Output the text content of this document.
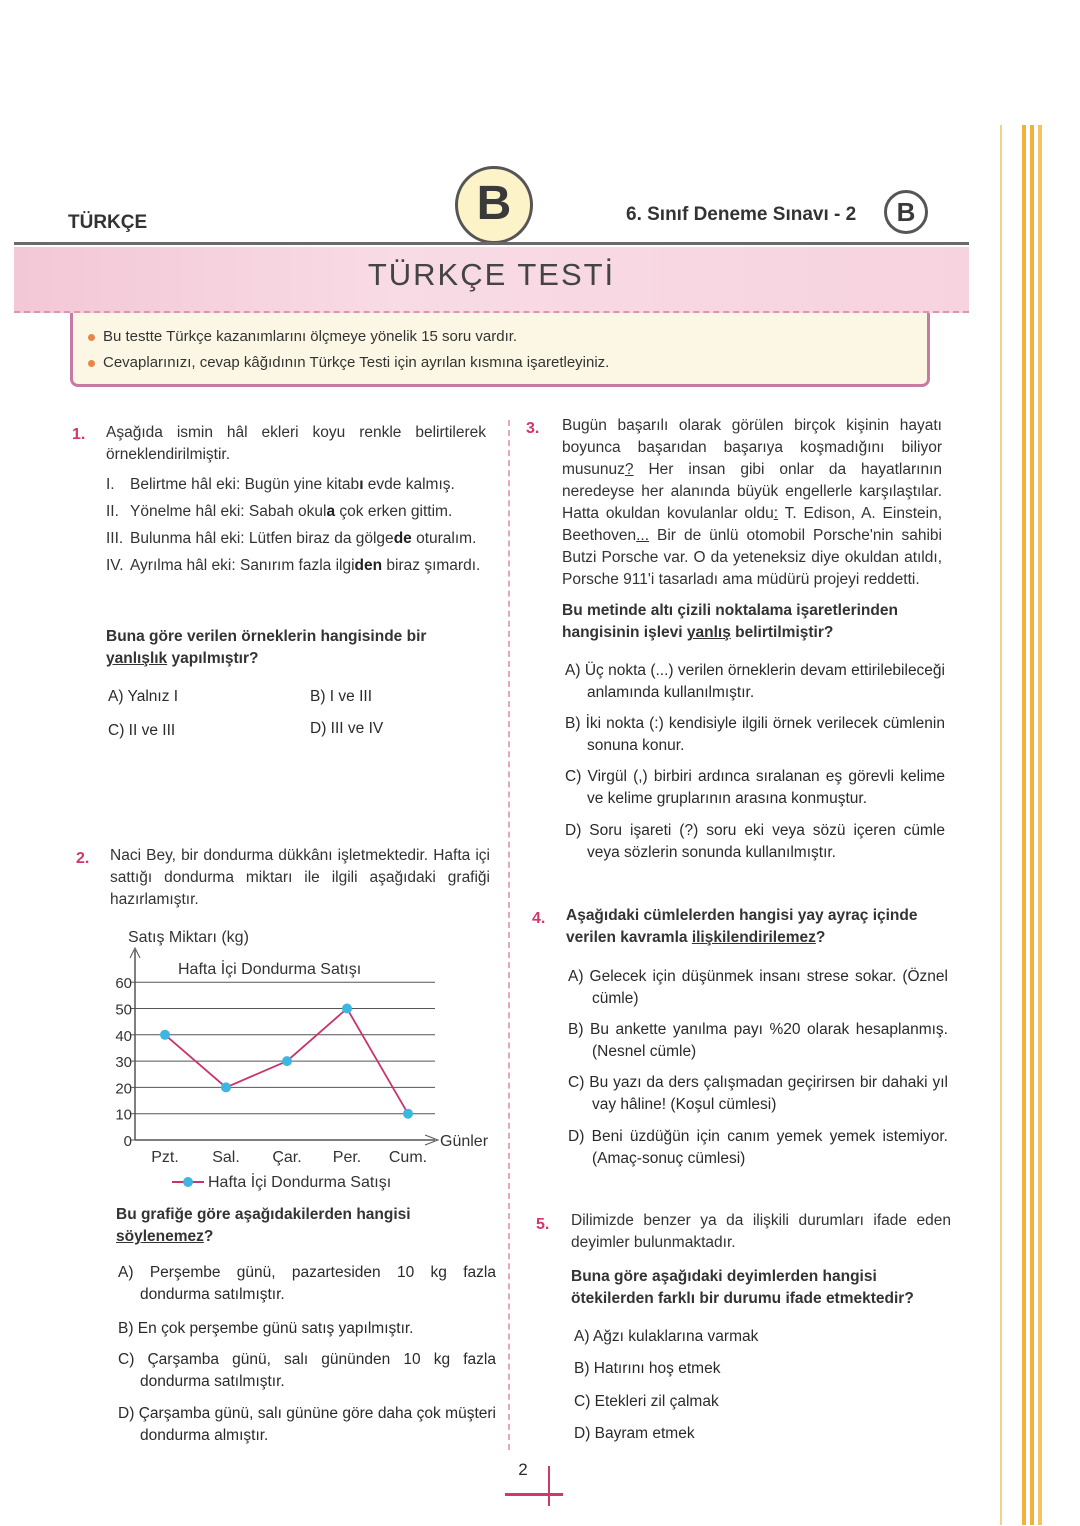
TÜRKÇE	B	6. Sınıf Deneme Sınavı - 2	B
TÜRKÇE TESTİ
Bu testte Türkçe kazanımlarını ölçmeye yönelik 15 soru vardır.
Cevaplarınızı, cevap kâğıdının Türkçe Testi için ayrılan kısmına işaretleyiniz.
1. Aşağıda ismin hâl ekleri koyu renkle belirtilerek örneklendirilmiştir.
I. Belirtme hâl eki: Bugün yine kitabı evde kalmış.
II. Yönelme hâl eki: Sabah okula çok erken gittim.
III. Bulunma hâl eki: Lütfen biraz da gölgede oturalım.
IV. Ayrılma hâl eki: Sanırım fazla ilgiden biraz şımardı.
Buna göre verilen örneklerin hangisinde bir yanlışlık yapılmıştır?
A) Yalnız I	B) I ve III
C) II ve III	D) III ve IV
2. Naci Bey, bir dondurma dükkânı işletmektedir. Hafta içi sattığı dondurma miktarı ile ilgili aşağıdaki grafiği hazırlamıştır.
Satış Miktarı (kg)
Günler
Hafta İçi Dondurma Satışı
0
10
20
30
40
50
60
Pzt. Sal. Çar. Per. Cum.
Hafta İçi Dondurma Satışı
Bu grafiğe göre aşağıdakilerden hangisi söylenemez?
A) Perşembe günü, pazartesiden 10 kg fazla dondurma satılmıştır.
B) En çok perşembe günü satış yapılmıştır.
C) Çarşamba günü, salı gününden 10 kg fazla dondurma satılmıştır.
D) Çarşamba günü, salı gününe göre daha çok müşteri dondurma almıştır.
3. Bugün başarılı olarak görülen birçok kişinin hayatı boyunca başarıdan başarıya koşmadığını biliyor musunuz? Her insan gibi onlar da hayatlarının neredeyse her alanında büyük engellerle karşılaştılar. Hatta okuldan kovulanlar oldu: T. Edison, A. Einstein, Beethoven... Bir de ünlü otomobil Porsche'nin sahibi Butzi Porsche var. O da yeteneksiz diye okuldan atıldı, Porsche 911'i tasarladı ama müdürü projeyi reddetti.
Bu metinde altı çizili noktalama işaretlerinden hangisinin işlevi yanlış belirtilmiştir?
A) Üç nokta (...) verilen örneklerin devam ettirilebileceği anlamında kullanılmıştır.
B) İki nokta (:) kendisiyle ilgili örnek verilecek cümlenin sonuna konur.
C) Virgül (,) birbiri ardınca sıralanan eş görevli kelime ve kelime gruplarının arasına konmuştur.
D) Soru işareti (?) soru eki veya sözü içeren cümle veya sözlerin sonunda kullanılmıştır.
4. Aşağıdaki cümlelerden hangisi yay ayraç içinde verilen kavramla ilişkilendirilemez?
A) Gelecek için düşünmek insanı strese sokar. (Öznel cümle)
B) Bu ankette yanılma payı %20 olarak hesaplanmış. (Nesnel cümle)
C) Bu yazı da ders çalışmadan geçirirsen bir dahaki yıl vay hâline! (Koşul cümlesi)
D) Beni üzdüğün için canım yemek yemek istemiyor. (Amaç-sonuç cümlesi)
5. Dilimizde benzer ya da ilişkili durumları ifade eden deyimler bulunmaktadır.
Buna göre aşağıdaki deyimlerden hangisi ötekilerden farklı bir durumu ifade etmektedir?
A) Ağzı kulaklarına varmak
B) Hatırını hoş etmek
C) Etekleri zil çalmak
D) Bayram etmek
2
